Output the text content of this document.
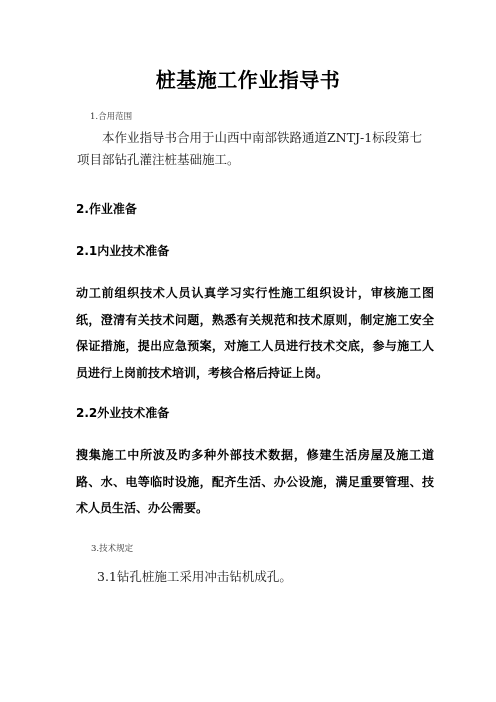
桩基施工作业指导书
1.合用范围
本作业指导书合用于山西中南部铁路通道ZNTJ-1标段第七项目部钻孔灌注桩基础施工。
2.作业准备
2.1内业技术准备
动工前组织技术人员认真学习实行性施工组织设计，审核施工图纸，澄清有关技术问题，熟悉有关规范和技术原则，制定施工安全保证措施，提出应急预案，对施工人员进行技术交底，参与施工人员进行上岗前技术培训，考核合格后持证上岗。
2.2外业技术准备
搜集施工中所波及旳多种外部技术数据，修建生活房屋及施工道路、水、电等临时设施，配齐生活、办公设施，满足重要管理、技术人员生活、办公需要。
3.技术规定
3.1钻孔桩施工采用冲击钻机成孔。
